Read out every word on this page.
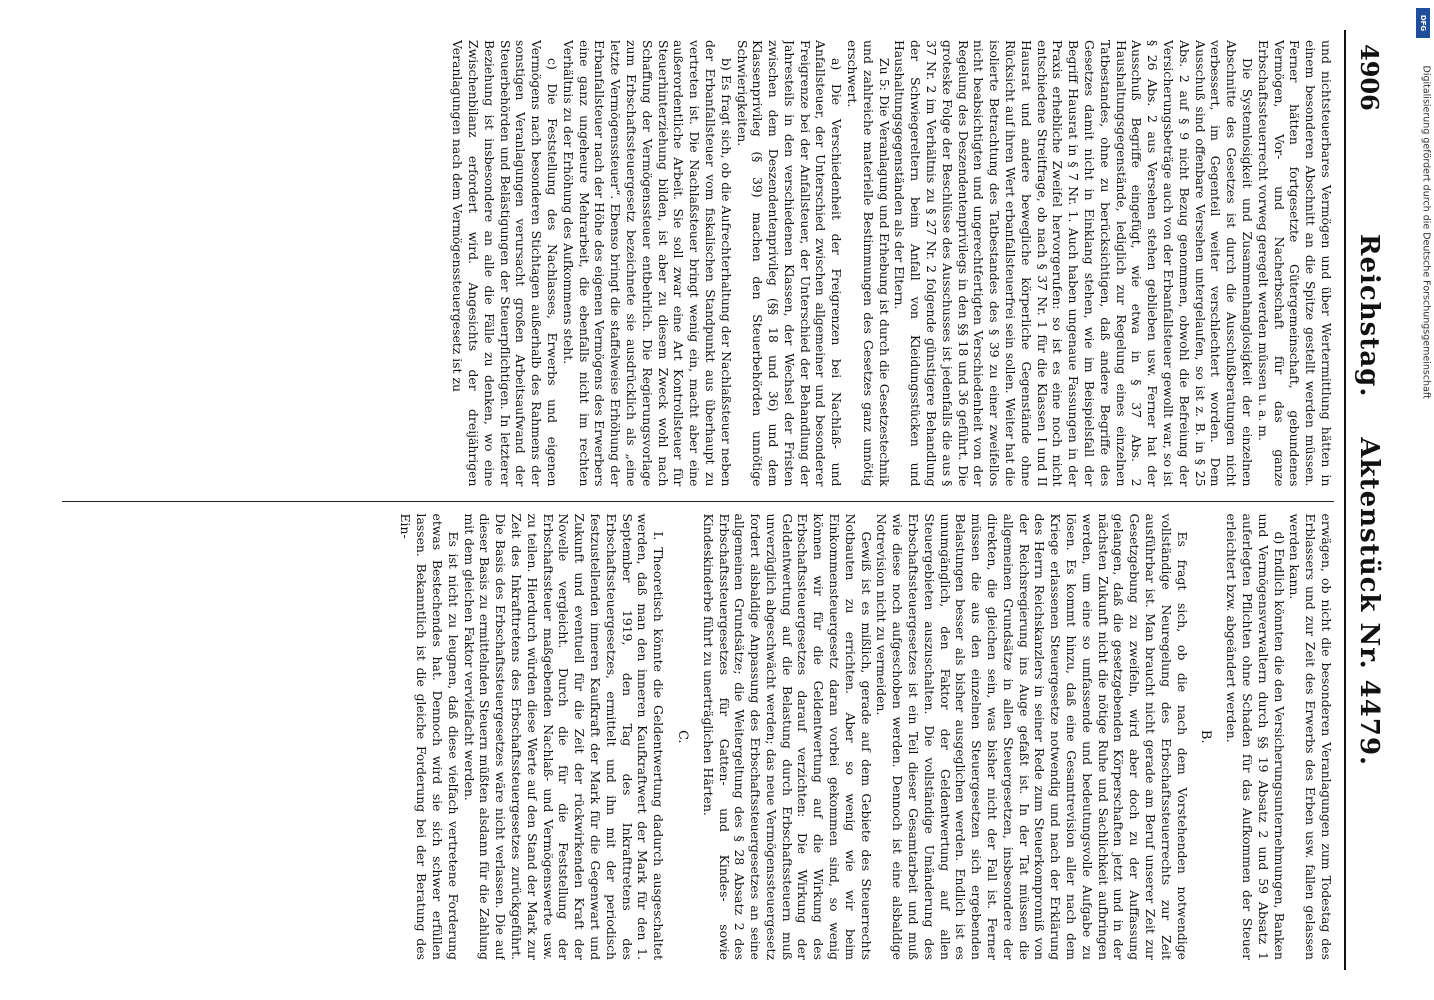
4906
Reichstag.Aktenstück Nr. 4479.

und nichtsteuerbares Vermögen und über Wertermittlung hätten in einem besonderen Abschnitt an die Spitze gestellt werden müssen. Ferner hätten fortgesetzte Gütergemeinschaft, gebundenes Vermögen, Vor- und Nacherbschaft für das ganze Erbschaftssteuerrecht vorweg geregelt werden müssen u. a. m.

Die Systemlosigkeit und Zusammenhanglosigkeit der einzelnen Abschnitte des Gesetzes ist durch die Ausschußberatungen nicht verbessert, im Gegenteil weiter verschlechtert worden. Dem Ausschuß sind offenbare Versehen untergelaufen, so ist z. B. in § 25 Abs. 2 auf § 9 nicht Bezug genommen, obwohl die Befreiung der Versicherungsbeträge auch von der Erbanfallsteuer gewollt war, so ist § 26 Abs. 2 aus Versehen stehen geblieben usw. Ferner hat der Ausschuß Begriffe eingefügt, wie etwa in § 37 Abs. 2 Haushaltungsgegenstände, lediglich zur Regelung eines einzelnen Tatbestandes, ohne zu berücksichtigen, daß andere Begriffe des Gesetzes damit nicht in Einklang stehen, wie im Beispielsfall der Begriff Hausrat in § 7 Nr. 1. Auch haben ungenaue Fassungen in der Praxis erhebliche Zweifel hervorgerufen: so ist es eine noch nicht entschiedene Streitfrage, ob nach § 37 Nr. 1 für die Klassen I und II Hausrat und andere bewegliche körperliche Gegenstände ohne Rücksicht auf ihren Wert erbanfallsteuerfrei sein sollen. Weiter hat die isolierte Betrachtung des Tatbestandes des § 39 zu einer zweifellos nicht beabsichtigten und ungerechtfertigten Verschiedenheit von der Regelung des Deszendentenprivilegs in den §§ 18 und 36 geführt. Die groteske Folge der Beschlüsse des Ausschusses ist jedenfalls die aus § 37 Nr. 2 im Verhältnis zu § 27 Nr. 2 folgende günstigere Behandlung der Schwiegereltern beim Anfall von Kleidungsstücken und Haushaltungsgegenständen als der Eltern.

Zu 5: Die Veranlagung und Erhebung ist durch die Gesetzestechnik und zahlreiche materielle Bestimmungen des Gesetzes ganz unnötig erschwert.

a) Die Verschiedenheit der Freigrenzen bei Nachlaß- und Anfallsteuer, der Unterschied zwischen allgemeiner und besonderer Freigrenze bei der Anfallsteuer, der Unterschied der Behandlung der Jahresteils in den verschiedenen Klassen, der Wechsel der Fristen zwischen dem Deszendentenprivileg (§§ 18 und 36) und dem Klassenprivileg (§ 39) machen den Steuerbehörden unnötige Schwierigkeiten.

b) Es fragt sich, ob die Aufrechterhaltung der Nachlaßsteuer neben der Erbanfallsteuer vom fiskalischen Standpunkt aus überhaupt zu vertreten ist. Die Nachlaßsteuer bringt wenig ein, macht aber eine außerordentliche Arbeit. Sie soll zwar eine Art Kontrollsteuer für Steuerhinterziehung bilden, ist aber zu diesem Zweck wohl nach Schaffung der Vermögenssteuer entbehrlich. Die Regierungsvorlage zum Erbschaftssteuergesetz bezeichnete sie ausdrücklich als „eine letzte Vermögenssteuer“. Ebenso bringt die staffelweise Erhöhung der Erbanfallsteuer nach der Höhe des eigenen Vermögens des Erwerbers eine ganz ungeheure Mehrarbeit, die ebenfalls nicht im rechten Verhältnis zu der Erhöhung des Aufkommens steht.

c) Die Feststellung des Nachlasses, Erwerbs und eigenen Vermögens nach besonderen Stichtagen außerhalb des Rahmens der sonstigen Veranlagungen verursacht großen Arbeitsaufwand der Steuerbehörden und Belästigungen der Steuerpflichtigen. In letzterer Beziehung ist insbesondere an alle die Fälle zu denken, wo eine Zwischenbilanz erfordert wird. Angesichts der dreijährigen Veranlagungen nach dem Vermögenssteuergesetz ist zu

erwägen, ob nicht die besonderen Veranlagungen zum Todestag des Erblassers und zur Zeit des Erwerbs des Erben usw. fallen gelassen werden kann.

d) Endlich könnten die den Versicherungsunternehmungen, Banken und Vermögensverwaltern durch §§ 19 Absatz 2 und 59 Absatz 1 auferlegten Pflichten ohne Schaden für das Aufkommen der Steuer erleichtert bzw. abgeändert werden.

B.

Es fragt sich, ob die nach dem Vorstehenden notwendige vollständige Neuregelung des Erbschaftssteuerrechts zur Zeit ausführbar ist. Man braucht nicht gerade am Beruf unserer Zeit zur Gesetzgebung zu zweifeln, wird aber doch zu der Auffassung gelangen, daß die gesetzgebenden Körperschaften jetzt und in der nächsten Zukunft nicht die nötige Ruhe und Sachlichkeit aufbringen werden, um eine so umfassende und bedeutungsvolle Aufgabe zu lösen. Es kommt hinzu, daß eine Gesamtrevision aller nach dem Kriege erlassenen Steuergesetze notwendig und nach der Erklärung des Herrn Reichskanzlers in seiner Rede zum Steuerkompromiß von der Reichsregierung ins Auge gefaßt ist. In der Tat müssen die allgemeinen Grundsätze in allen Steuergesetzen, insbesondere der direkten, die gleichen sein, was bisher nicht der Fall ist. Ferner müssen die aus den einzelnen Steuergesetzen sich ergebenden Belastungen besser als bisher ausgeglichen werden. Endlich ist es unumgänglich, den Faktor der Geldentwertung auf allen Steuergebieten auszuschalten. Die vollständige Umänderung des Erbschaftssteuergesetzes ist ein Teil dieser Gesamtarbeit und muß wie diese noch aufgeschoben werden. Dennoch ist eine alsbaldige Notrevision nicht zu vermeiden.

Gewiß ist es mißlich, gerade auf dem Gebiete des Steuerrechts Notbauten zu errichten. Aber so wenig wie wir beim Einkommensteuergesetz daran vorbei gekommen sind, so wenig können wir für die Geldentwertung auf die Wirkung des Erbschaftssteuergesetzes darauf verzichten: Die Wirkung der Geldentwertung auf die Belastung durch Erbschaftssteuern muß unverzüglich abgeschwächt werden; das neue Vermögenssteuergesetz fordert alsbaldige Anpassung des Erbschaftssteuergesetzes an seine allgemeinen Grundsätze; die Weitergeltung des § 28 Absatz 2 des Erbschaftssteuergesetzes für Gatten- und Kindes- sowie Kindeskinderbe führt zu unerträglichen Härten.

C.

I. Theoretisch könnte die Geldentwertung dadurch ausgeschaltet werden, daß man den inneren Kaufkraftwert der Mark für den 1. September 1919, den Tag des Inkrafttretens des Erbschaftssteuergesetzes, ermittelt und ihn mit der periodisch festzustellenden inneren Kaufkraft der Mark für die Gegenwart und Zukunft und eventuell für die Zeit der rückwirkenden Kraft der Novelle vergleicht. Durch die für die Feststellung der Erbschaftssteuer maßgebenden Nachlaß- und Vermögenswerte usw. zu teilen. Hierdurch würden diese Werte auf den Stand der Mark zur Zeit des Inkrafttretens des Erbschaftssteuergesetzes zurückgeführt. Die Basis des Erbschaftssteuergesetzes wäre nicht verlassen. Die auf dieser Basis zu ermittelnden Steuern müßten alsdann für die Zahlung mit dem gleichen Faktor vervielfacht werden.

Es ist nicht zu leugnen, daß diese vielfach vertretene Forderung etwas Bestechendes hat. Dennoch wird sie sich schwer erfüllen lassen. Bekanntlich ist die gleiche Forderung bei der Beratung des Ein-

DFG
Digitalisierung gefördert durch die Deutsche Forschungsgemeinschaft
